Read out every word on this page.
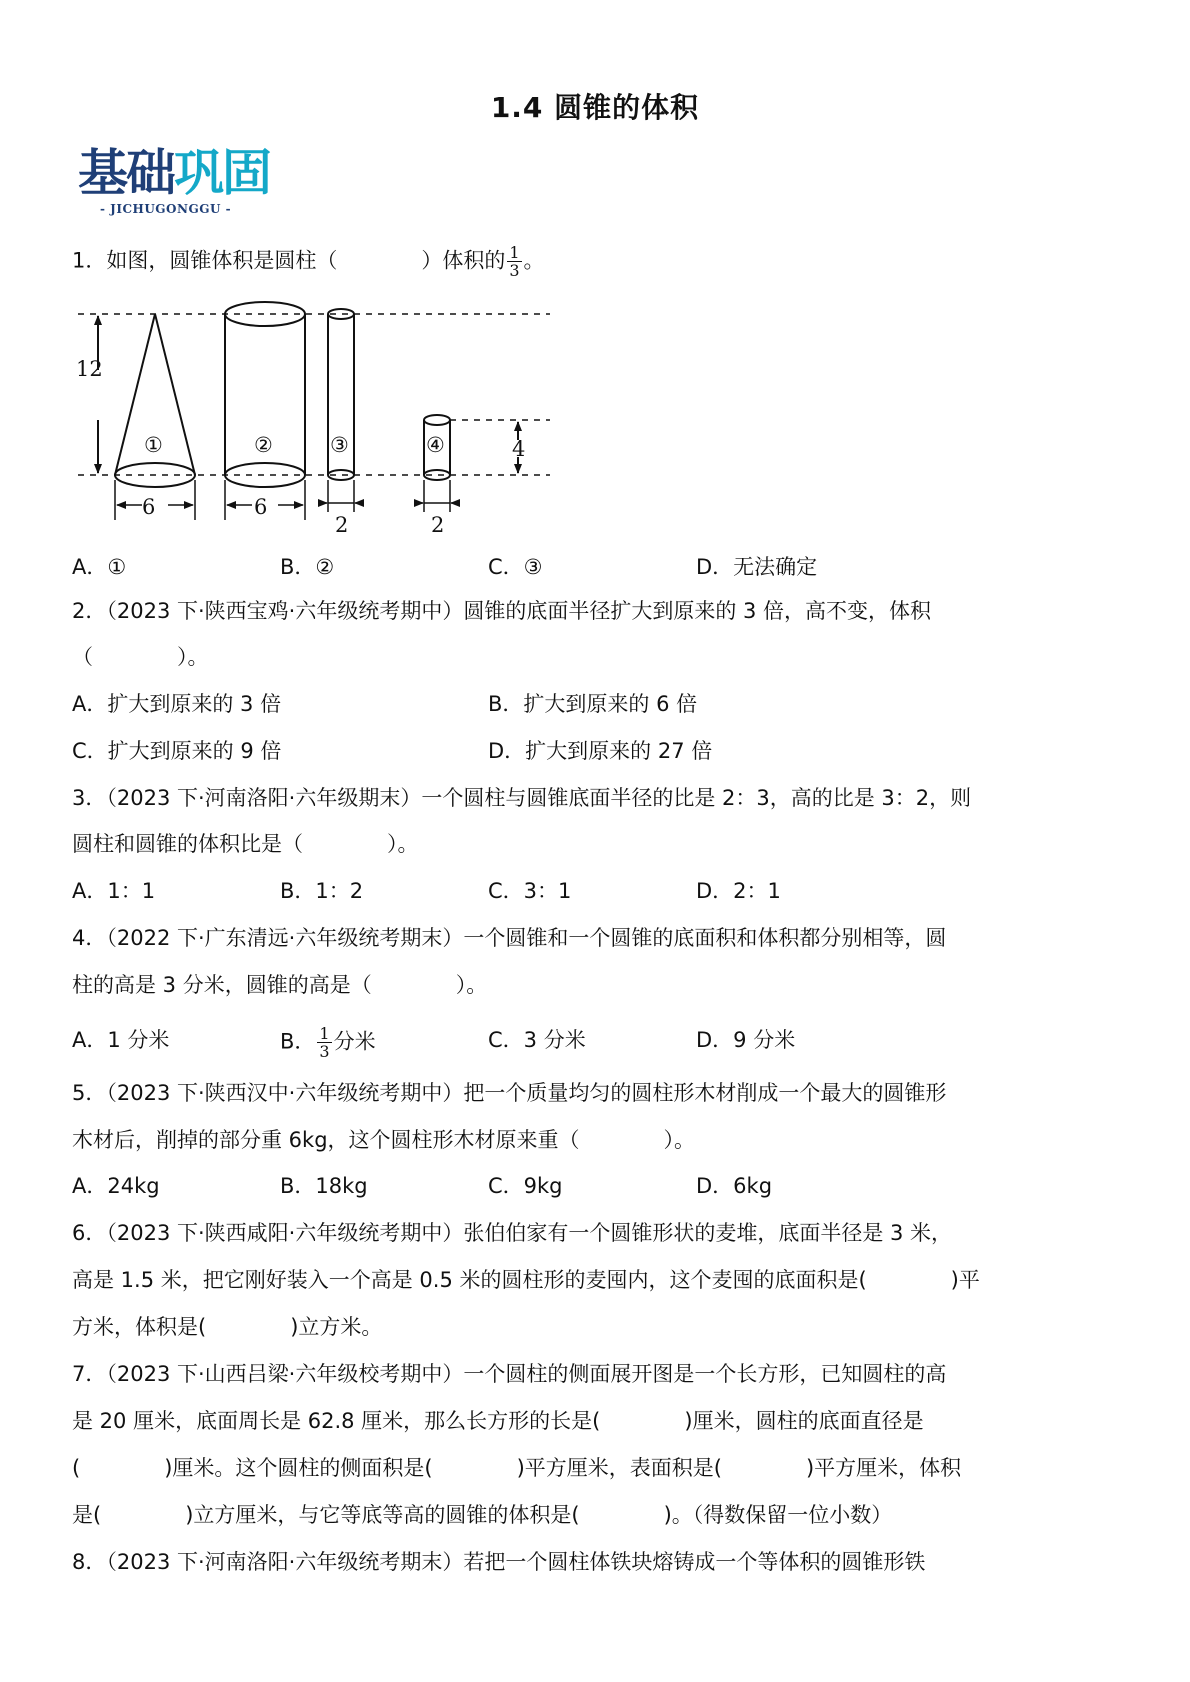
1.4 圆锥的体积
基础巩固
- JICHUGONGGU -
1．如图，圆锥体积是圆柱（　　　　）体积的 $\frac{1}{3}$ 。
12
4
6	6
2	2
①	②	③	④
A．①	B．②	C．③	D．无法确定
2．（2023 下·陕西宝鸡·六年级统考期中）圆锥的底面半径扩大到原来的 3 倍，高不变，体积
（　　　　）。
A．扩大到原来的 3 倍	B．扩大到原来的 6 倍
C．扩大到原来的 9 倍	D．扩大到原来的 27 倍
3．（2023 下·河南洛阳·六年级期末）一个圆柱与圆锥底面半径的比是 2：3，高的比是 3：2，则
圆柱和圆锥的体积比是（　　　　）。
A．1：1	B．1：2	C．3：1	D．2：1
4．（2022 下·广东清远·六年级统考期末）一个圆锥和一个圆锥的底面积和体积都分别相等，圆
柱的高是 3 分米，圆锥的高是（　　　　）。
A．1 分米	B． $\frac{1}{3}$ 分米	C．3 分米	D．9 分米
5．（2023 下·陕西汉中·六年级统考期中）把一个质量均匀的圆柱形木材削成一个最大的圆锥形
木材后，削掉的部分重 6kg，这个圆柱形木材原来重（　　　　）。
A．24kg	B．18kg	C．9kg	D．6kg
6．（2023 下·陕西咸阳·六年级统考期中）张伯伯家有一个圆锥形状的麦堆，底面半径是 3 米，
高是 1.5 米，把它刚好装入一个高是 0.5 米的圆柱形的麦囤内，这个麦囤的底面积是(　　　　)平
方米，体积是(　　　　)立方米。
7．（2023 下·山西吕梁·六年级校考期中）一个圆柱的侧面展开图是一个长方形，已知圆柱的高
是 20 厘米，底面周长是 62.8 厘米，那么长方形的长是(　　　　)厘米，圆柱的底面直径是
(　　　　)厘米。这个圆柱的侧面积是(　　　　)平方厘米，表面积是(　　　　)平方厘米，体积
是(　　　　)立方厘米，与它等底等高的圆锥的体积是(　　　　)。（得数保留一位小数）
8．（2023 下·河南洛阳·六年级统考期末）若把一个圆柱体铁块熔铸成一个等体积的圆锥形铁
